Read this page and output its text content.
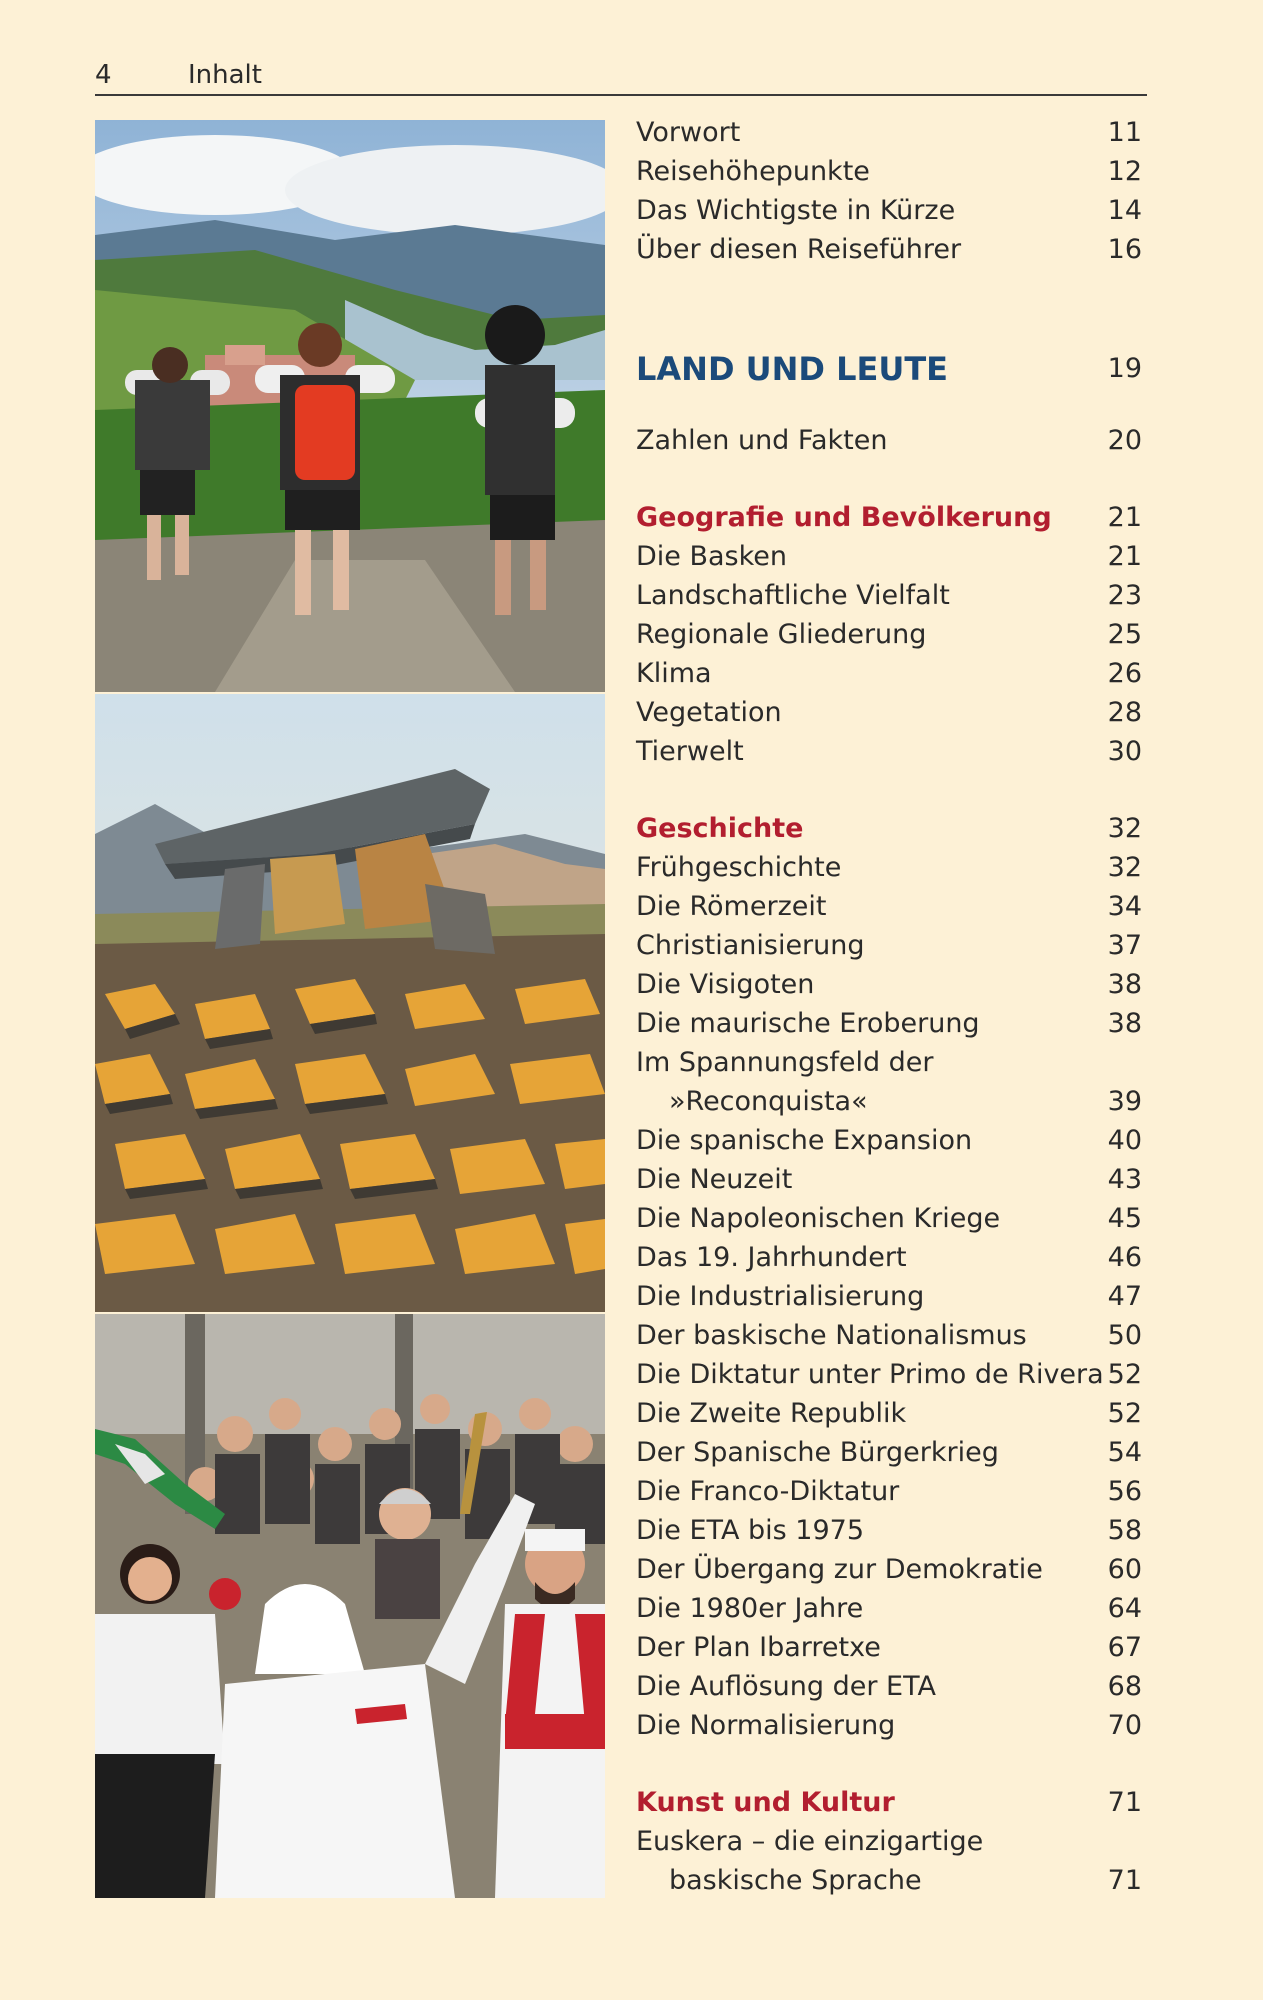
4	Inhalt
Vorwort	11
Reisehöhepunkte	12
Das Wichtigste in Kürze	14
Über diesen Reiseführer	16
LAND UND LEUTE	19
Zahlen und Fakten	20
Geografie und Bevölkerung 21
Die Basken	21
Landschaftliche Vielfalt	23
Regionale Gliederung	25
Klima	26
Vegetation	28
Tierwelt	30
Geschichte	32
Frühgeschichte	32
Die Römerzeit	34
Christianisierung	37
Die Visigoten	38
Die maurische Eroberung	38
Im Spannungsfeld der
»Reconquista«	39
Die spanische Expansion	40
Die Neuzeit	43
Die Napoleonischen Kriege	45
Das 19. Jahrhundert	46
Die Industrialisierung	47
Der baskische Nationalismus	50
Die Diktatur unter Primo de Rivera 52
Die Zweite Republik	52
Der Spanische Bürgerkrieg	54
Die Franco-Diktatur	56
Die ETA bis 1975	58
Der Übergang zur Demokratie 60
Die 1980er Jahre	64
Der Plan Ibarretxe	67
Die Auflösung der ETA	68
Die Normalisierung	70
Kunst und Kultur	71
Euskera – die einzigartige
baskische Sprache	71
